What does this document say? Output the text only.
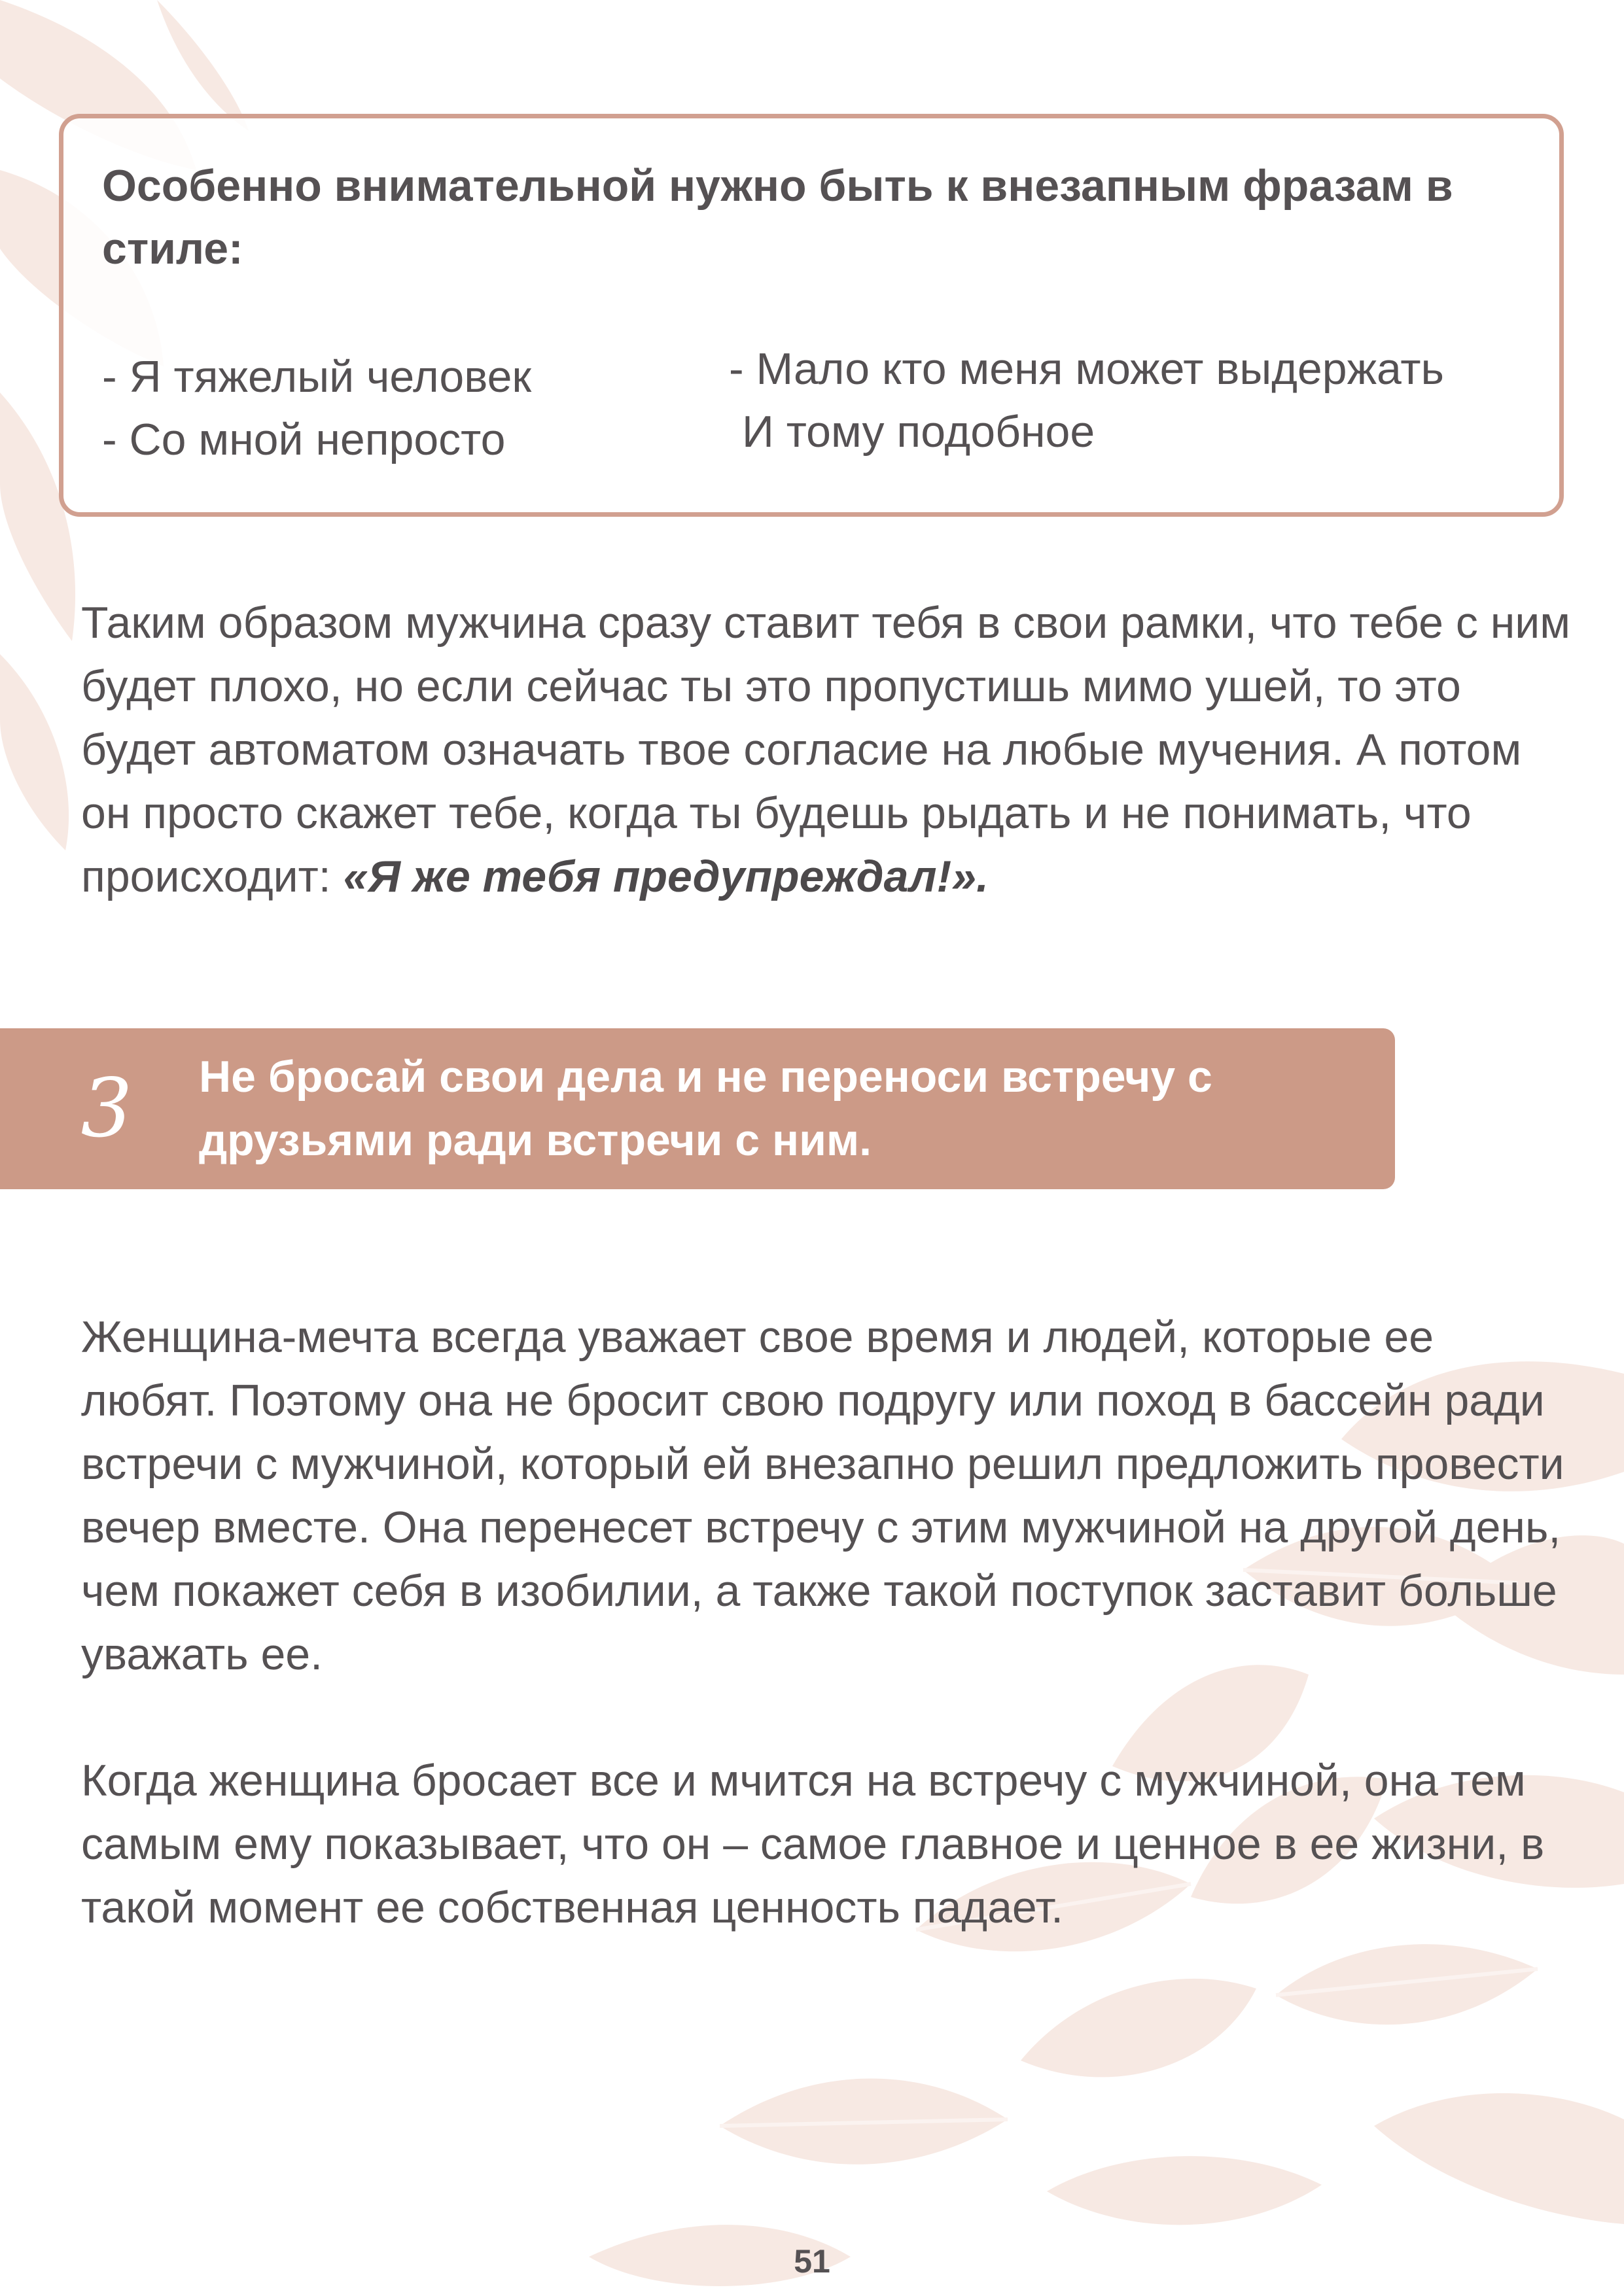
Особенно внимательной нужно быть к внезапным фразам в стиле:
- Я тяжелый человек
- Со мной непросто
- Мало кто меня может выдержать
И тому подобное
Таким образом мужчина сразу ставит тебя в свои рамки, что тебе с ним будет плохо, но если сейчас ты это пропустишь мимо ушей, то это будет автоматом означать твое согласие на любые мучения. А потом он просто скажет тебе, когда ты будешь рыдать и не понимать, что происходит: «Я же тебя предупреждал!».
3 Не бросай свои дела и не переноси встречу с друзьями ради встречи с ним.
Женщина-мечта всегда уважает свое время и людей, которые ее любят. Поэтому она не бросит свою подругу или поход в бассейн ради встречи с мужчиной, который ей внезапно решил предложить провести вечер вместе. Она перенесет встречу с этим мужчиной на другой день, чем покажет себя в изобилии, а также такой поступок заставит больше уважать ее.
Когда женщина бросает все и мчится на встречу с мужчиной, она тем самым ему показывает, что он – самое главное и ценное в ее жизни, в такой момент ее собственная ценность падает.
51
